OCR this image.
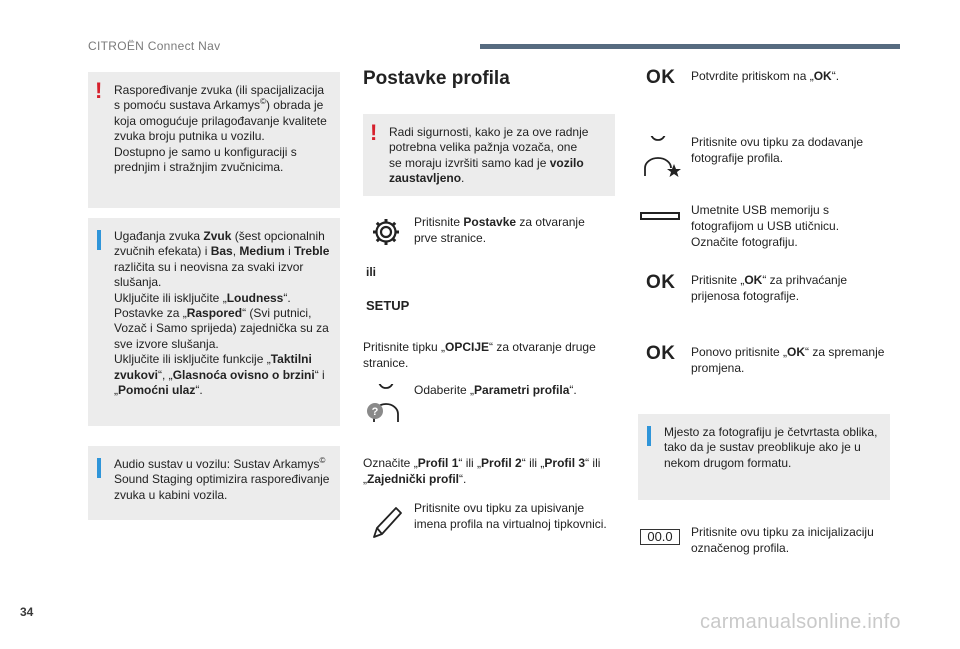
CITROËN Connect Nav
! Raspoređivanje zvuka (ili spacijalizacija
s pomoću sustava Arkamys©) obrada je
koja omogućuje prilagođavanje kvalitete
zvuka broju putnika u vozilu.
Dostupno je samo u konfiguraciji s
prednjim i stražnjim zvučnicima.

Ugađanja zvuka Zvuk (šest opcionalnih
zvučnih efekata) i Bas, Medium i Treble
različita su i neovisna za svaki izvor
slušanja.
Uključite ili isključite „Loudness“.
Postavke za „Raspored“ (Svi putnici,
Vozač i Samo sprijeda) zajednička su za
sve izvore slušanja.
Uključite ili isključite funkcije „Taktilni
zvukovi“, „Glasnoća ovisno o brzini“ i
„Pomoćni ulaz“.

Audio sustav u vozilu: Sustav Arkamys©
Sound Staging optimizira raspoređivanje
zvuka u kabini vozila.

Postavke profila
! Radi sigurnosti, kako je za ove radnje
potrebna velika pažnja vozača, one
se moraju izvršiti samo kad je vozilo
zaustavljeno.

Pritisnite Postavke za otvaranje
prve stranice.
ili
SETUP
Pritisnite tipku „OPCIJE“ za otvaranje druge
stranice.
?
Odaberite „Parametri profila“.
Označite „Profil 1“ ili „Profil 2“ ili „Profil 3“ ili
„Zajednički profil“.
Pritisnite ovu tipku za upisivanje
imena profila na virtualnoj tipkovnici.
OK Potvrdite pritiskom na „OK“.
Pritisnite ovu tipku za dodavanje
fotografije profila.
Umetnite USB memoriju s
fotografijom u USB utičnicu.
Označite fotografiju.
OK Pritisnite „OK“ za prihvaćanje
prijenosa fotografije.
OK Ponovo pritisnite „OK“ za spremanje
promjena.

Mjesto za fotografiju je četvrtasta oblika,
tako da je sustav preoblikuje ako je u
nekom drugom formatu.

00.0	Pritisnite ovu tipku za inicijalizaciju
označenog profila.
34	carmanualsonline.info
